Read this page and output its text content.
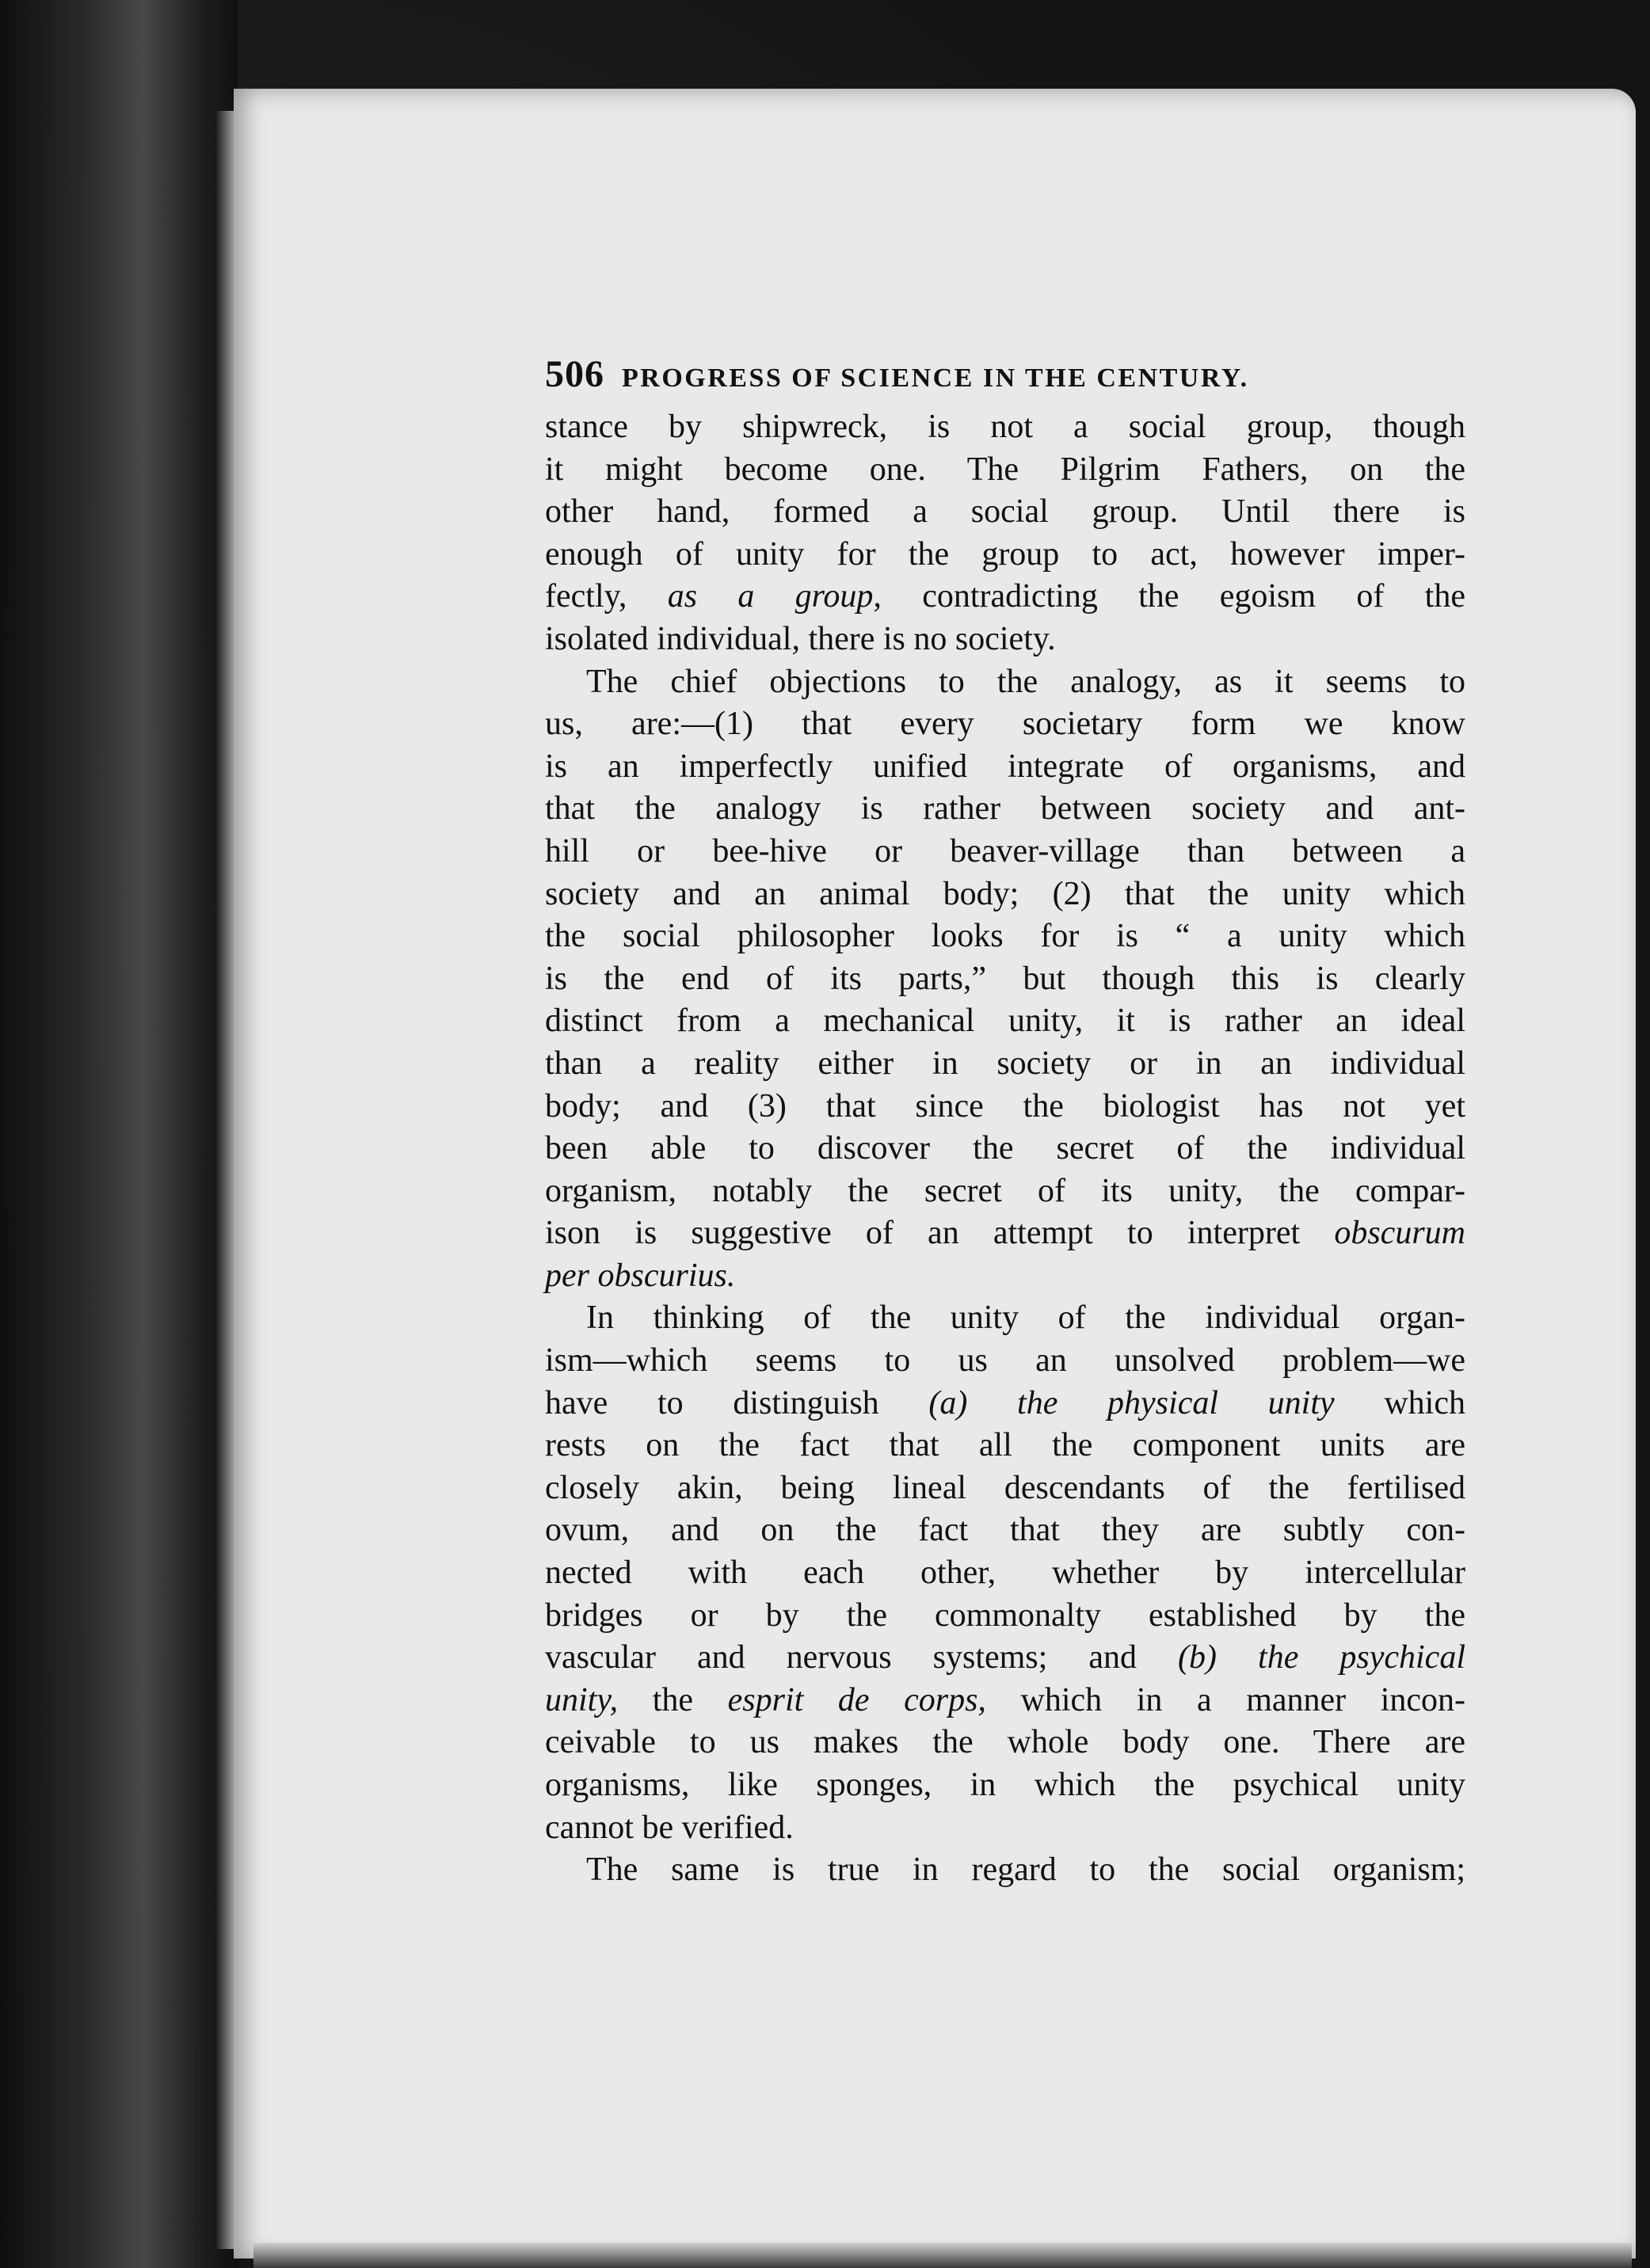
506 PROGRESS OF SCIENCE IN THE CENTURY.
stance by shipwreck, is not a social group, though
it might become one. The Pilgrim Fathers, on the
other hand, formed a social group. Until there is
enough of unity for the group to act, however imper-
fectly, as a group, contradicting the egoism of the
isolated individual, there is no society.
The chief objections to the analogy, as it seems to
us, are:—(1) that every societary form we know
is an imperfectly unified integrate of organisms, and
that the analogy is rather between society and ant-
hill or bee-hive or beaver-village than between a
society and an animal body; (2) that the unity which
the social philosopher looks for is “ a unity which
is the end of its parts,” but though this is clearly
distinct from a mechanical unity, it is rather an ideal
than a reality either in society or in an individual
body; and (3) that since the biologist has not yet
been able to discover the secret of the individual
organism, notably the secret of its unity, the compar-
ison is suggestive of an attempt to interpret obscurum
per obscurius.
In thinking of the unity of the individual organ-
ism—which seems to us an unsolved problem—we
have to distinguish (a) the physical unity which
rests on the fact that all the component units are
closely akin, being lineal descendants of the fertilised
ovum, and on the fact that they are subtly con-
nected with each other, whether by intercellular
bridges or by the commonalty established by the
vascular and nervous systems; and (b) the psychical
unity, the esprit de corps, which in a manner incon-
ceivable to us makes the whole body one. There are
organisms, like sponges, in which the psychical unity
cannot be verified.
The same is true in regard to the social organism;
